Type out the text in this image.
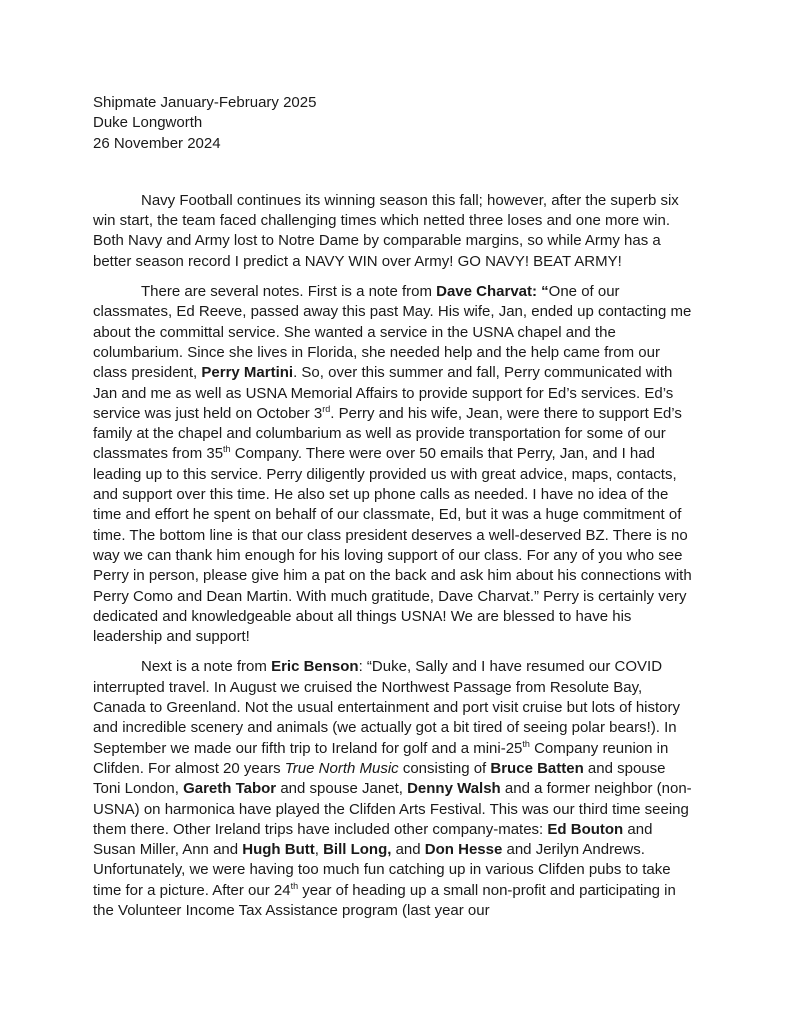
Shipmate January-February 2025
Duke Longworth
26 November 2024

Navy Football continues its winning season this fall; however, after the superb six win start, the team faced challenging times which netted three loses and one more win. Both Navy and Army lost to Notre Dame by comparable margins, so while Army has a better season record I predict a NAVY WIN over Army! GO NAVY! BEAT ARMY!

There are several notes. First is a note from Dave Charvat: “One of our classmates, Ed Reeve, passed away this past May. His wife, Jan, ended up contacting me about the committal service. She wanted a service in the USNA chapel and the columbarium. Since she lives in Florida, she needed help and the help came from our class president, Perry Martini. So, over this summer and fall, Perry communicated with Jan and me as well as USNA Memorial Affairs to provide support for Ed’s services. Ed’s service was just held on October 3rd. Perry and his wife, Jean, were there to support Ed’s family at the chapel and columbarium as well as provide transportation for some of our classmates from 35th Company. There were over 50 emails that Perry, Jan, and I had leading up to this service. Perry diligently provided us with great advice, maps, contacts, and support over this time. He also set up phone calls as needed. I have no idea of the time and effort he spent on behalf of our classmate, Ed, but it was a huge commitment of time. The bottom line is that our class president deserves a well-deserved BZ. There is no way we can thank him enough for his loving support of our class. For any of you who see Perry in person, please give him a pat on the back and ask him about his connections with Perry Como and Dean Martin. With much gratitude, Dave Charvat.” Perry is certainly very dedicated and knowledgeable about all things USNA! We are blessed to have his leadership and support!

Next is a note from Eric Benson: “Duke, Sally and I have resumed our COVID interrupted travel. In August we cruised the Northwest Passage from Resolute Bay, Canada to Greenland. Not the usual entertainment and port visit cruise but lots of history and incredible scenery and animals (we actually got a bit tired of seeing polar bears!). In September we made our fifth trip to Ireland for golf and a mini-25th Company reunion in Clifden. For almost 20 years True North Music consisting of Bruce Batten and spouse Toni London, Gareth Tabor and spouse Janet, Denny Walsh and a former neighbor (non-USNA) on harmonica have played the Clifden Arts Festival. This was our third time seeing them there. Other Ireland trips have included other company-mates: Ed Bouton and Susan Miller, Ann and Hugh Butt, Bill Long, and Don Hesse and Jerilyn Andrews. Unfortunately, we were having too much fun catching up in various Clifden pubs to take time for a picture. After our 24th year of heading up a small non-profit and participating in the Volunteer Income Tax Assistance program (last year our
